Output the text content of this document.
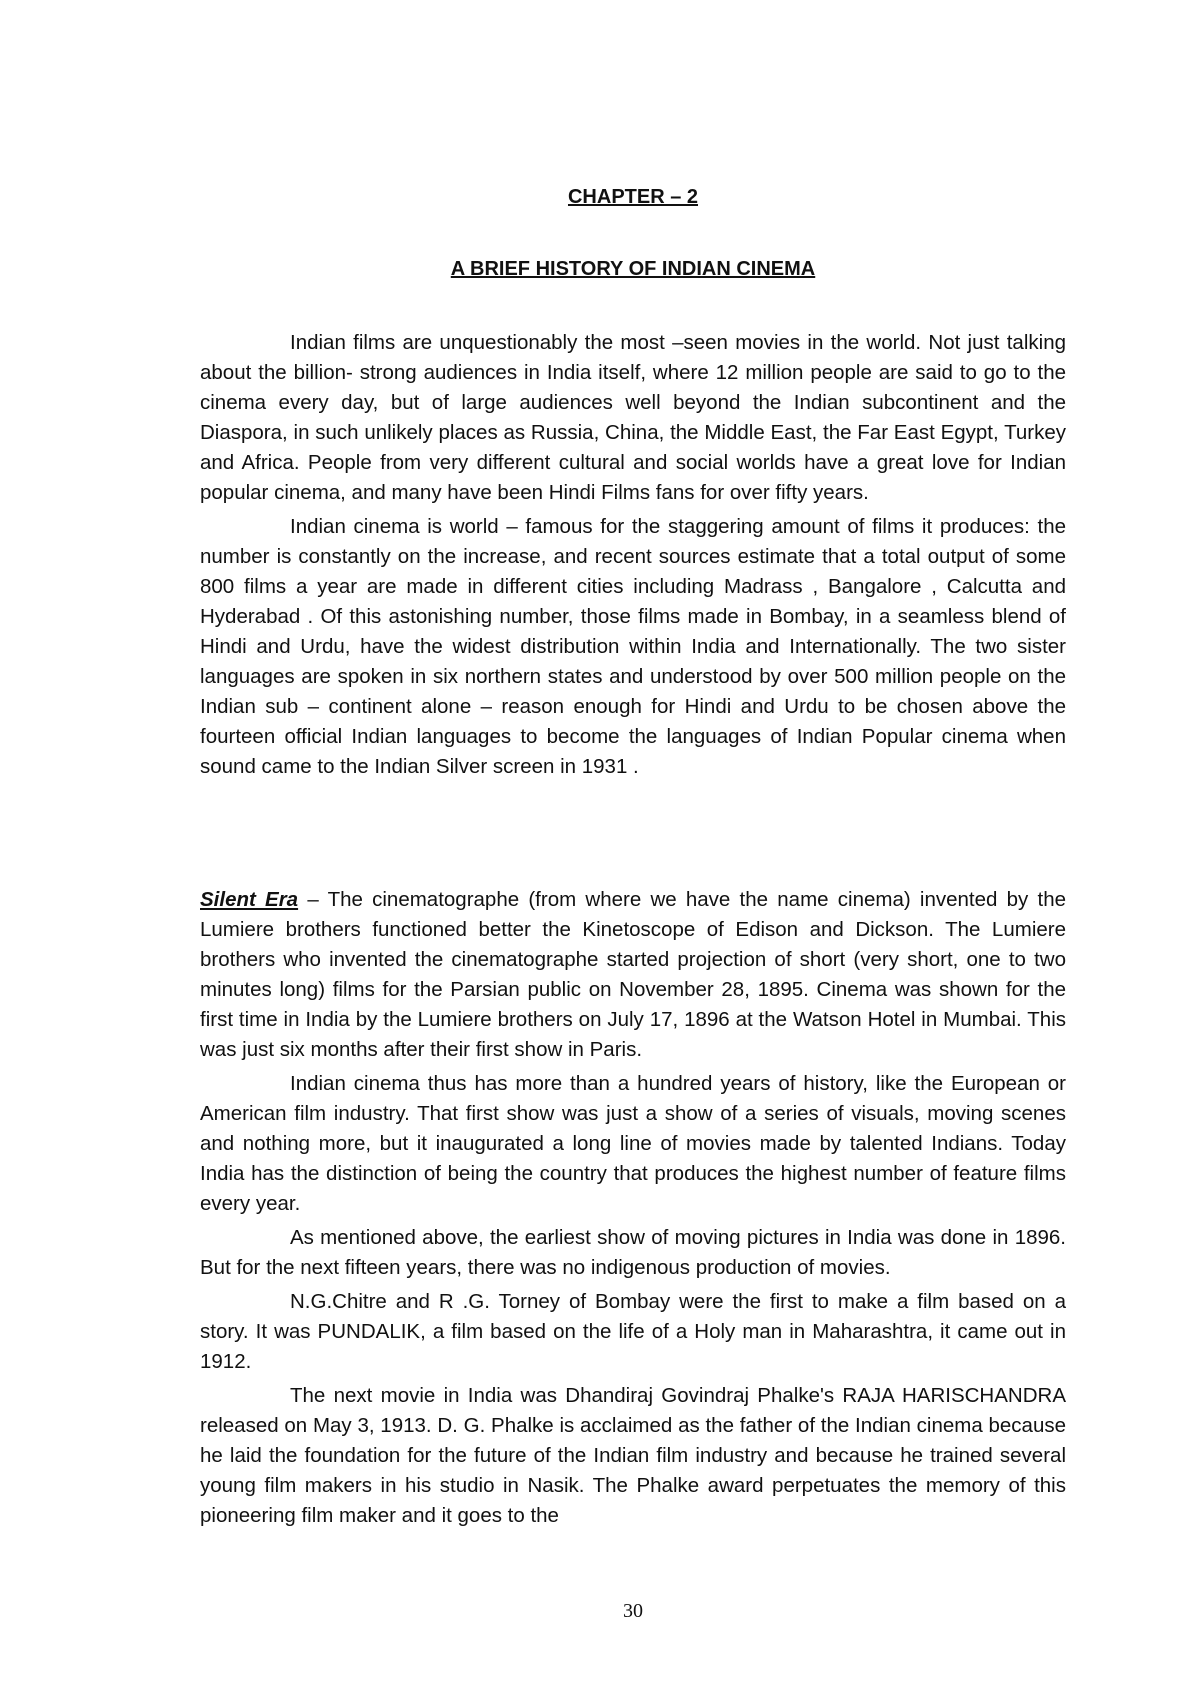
CHAPTER – 2
A BRIEF HISTORY OF INDIAN CINEMA

Indian films are unquestionably the most –seen movies in the world. Not just talking about the billion- strong audiences in India itself, where 12 million people are said to go to the cinema every day, but of large audiences well beyond the Indian subcontinent and the Diaspora, in such unlikely places as Russia, China, the Middle East, the Far East Egypt, Turkey and Africa. People from very different cultural and social worlds have a great love for Indian popular cinema, and many have been Hindi Films fans for over fifty years.

Indian cinema is world – famous for the staggering amount of films it produces: the number is constantly on the increase, and recent sources estimate that a total output of some 800 films a year are made in different cities including Madrass , Bangalore , Calcutta and Hyderabad . Of this astonishing number, those films made in Bombay, in a seamless blend of Hindi and Urdu, have the widest distribution within India and Internationally. The two sister languages are spoken in six northern states and understood by over 500 million people on the Indian sub – continent alone – reason enough for Hindi and Urdu to be chosen above the fourteen official Indian languages to become the languages of Indian Popular cinema when sound came to the Indian Silver screen in 1931 .

Silent Era – The cinematographe (from where we have the name cinema) invented by the Lumiere brothers functioned better the Kinetoscope of Edison and Dickson. The Lumiere brothers who invented the cinematographe started projection of short (very short, one to two minutes long) films for the Parsian public on November 28, 1895. Cinema was shown for the first time in India by the Lumiere brothers on July 17, 1896 at the Watson Hotel in Mumbai. This was just six months after their first show in Paris.

Indian cinema thus has more than a hundred years of history, like the European or American film industry. That first show was just a show of a series of visuals, moving scenes and nothing more, but it inaugurated a long line of movies made by talented Indians. Today India has the distinction of being the country that produces the highest number of feature films every year.

As mentioned above, the earliest show of moving pictures in India was done in 1896. But for the next fifteen years, there was no indigenous production of movies.

N.G.Chitre and R .G. Torney of Bombay were the first to make a film based on a story. It was PUNDALIK, a film based on the life of a Holy man in Maharashtra, it came out in 1912.

The next movie in India was Dhandiraj Govindraj Phalke's RAJA HARISCHANDRA released on May 3, 1913. D. G. Phalke is acclaimed as the father of the Indian cinema because he laid the foundation for the future of the Indian film industry and because he trained several young film makers in his studio in Nasik. The Phalke award perpetuates the memory of this pioneering film maker and it goes to the

30
